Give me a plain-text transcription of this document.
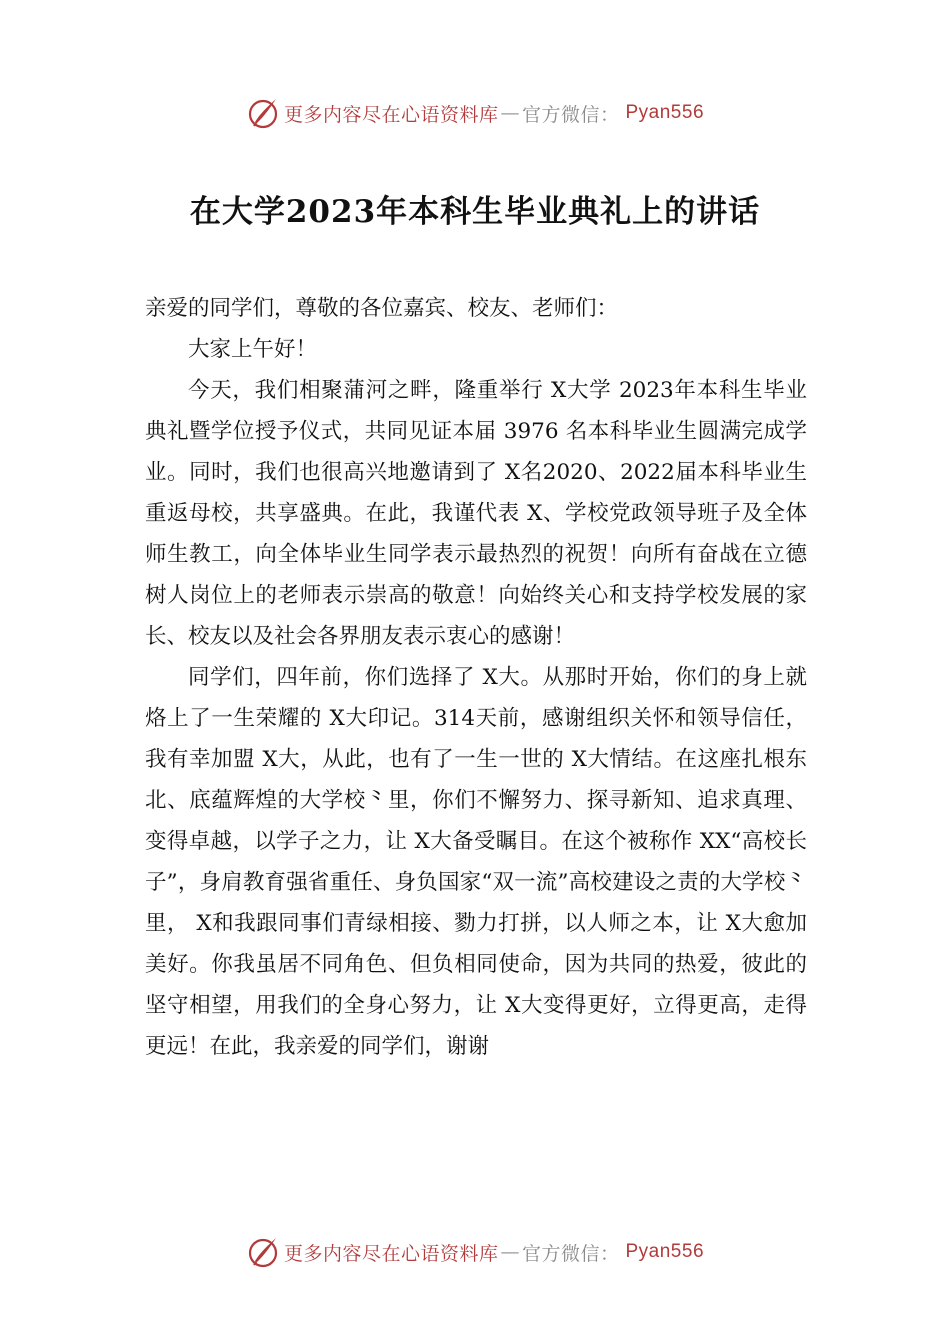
更多内容尽在心语资料库 — 官方微信： Pyan556
在大学2023年本科生毕业典礼上的讲话

亲爱的同学们，尊敬的各位嘉宾、校友、老师们：

大家上午好！

今天，我们相聚蒲河之畔，隆重举行 X大学 2023年本科生毕业典礼暨学位授予仪式，共同见证本届 3976 名本科毕业生圆满完成学业。同时，我们也很高兴地邀请到了 X名2020、2022届本科毕业生重返母校，共享盛典。在此，我谨代表 X、学校党政领导班子及全体师生教工，向全体毕业生同学表示最热烈的祝贺！向所有奋战在立德树人岗位上的老师表示崇高的敬意！向始终关心和支持学校发展的家长、校友以及社会各界朋友表示衷心的感谢！

同学们，四年前，你们选择了 X大。从那时开始，你们的身上就烙上了一生荣耀的 X大印记。314天前，感谢组织关怀和领导信任，我有幸加盟 X大，从此，也有了一生一世的 X大情结。在这座扎根东北、底蕴辉煌的大学校⺀里，你们不懈努力、探寻新知、追求真理、变得卓越，以学子之力，让 X大备受瞩目。在这个被称作 XX“高校长子”，身肩教育强省重任、身负国家“双一流”高校建设之责的大学校⺀里， X和我跟同事们青绿相接、勠力打拼，以人师之本，让 X大愈加美好。你我虽居不同角色、但负相同使命，因为共同的热爱，彼此的坚守相望，用我们的全身心努力，让 X大变得更好，立得更高，走得更远！在此，我亲爱的同学们，谢谢

更多内容尽在心语资料库 — 官方微信： Pyan556
